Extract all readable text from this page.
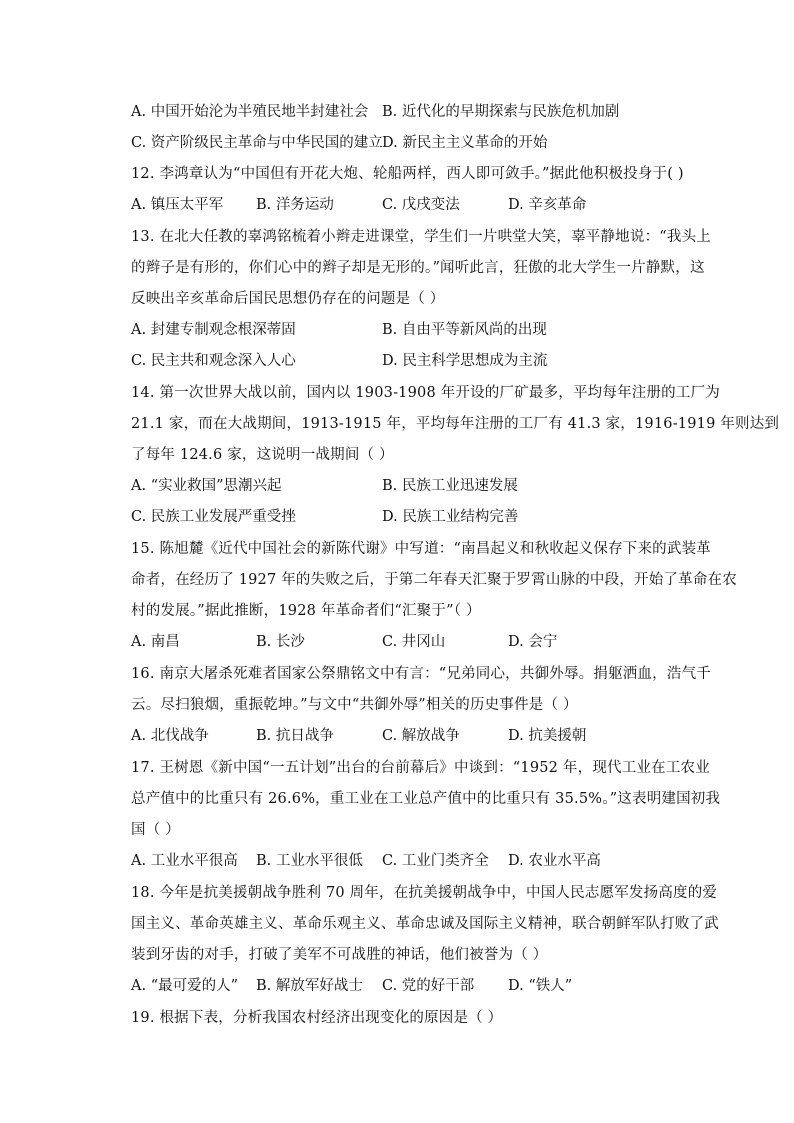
A. 中国开始沦为半殖民地半封建社会 B. 近代化的早期探索与民族危机加剧
C. 资产阶级民主革命与中华民国的建立 D. 新民主主义革命的开始
12. 李鸿章认为“中国但有开花大炮、轮船两样，西人即可敛手。”据此他积极投身于( )
A. 镇压太平军 B. 洋务运动	C. 戊戌变法	D. 辛亥革命
13. 在北大任教的辜鸿铭梳着小辫走进课堂，学生们一片哄堂大笑，辜平静地说：“我头上
的辫子是有形的，你们心中的辫子却是无形的。”闻听此言，狂傲的北大学生一片静默，这
反映出辛亥革命后国民思想仍存在的问题是（ ）
A. 封建专制观念根深蒂固	B. 自由平等新风尚的出现
C. 民主共和观念深入人心	D. 民主科学思想成为主流
14. 第一次世界大战以前，国内以 1903-1908 年开设的厂矿最多，平均每年注册的工厂为
21.1 家，而在大战期间，1913-1915 年，平均每年注册的工厂有 41.3 家，1916-1919 年则达到
了每年 124.6 家，这说明一战期间（ ）
A. “实业救国”思潮兴起	B. 民族工业迅速发展
C. 民族工业发展严重受挫	D. 民族工业结构完善
15. 陈旭麓《近代中国社会的新陈代谢》中写道：“南昌起义和秋收起义保存下来的武装革
命者，在经历了 1927 年的失败之后，于第二年春天汇聚于罗霄山脉的中段，开始了革命在农
村的发展。”据此推断，1928 年革命者们“汇聚于”（ ）
A. 南昌	B. 长沙	C. 井冈山	D. 会宁
16. 南京大屠杀死难者国家公祭鼎铭文中有言：“兄弟同心，共御外辱。捐躯洒血，浩气千
云。尽扫狼烟，重振乾坤。”与文中“共御外辱”相关的历史事件是（ ）
A. 北伐战争	B. 抗日战争	C. 解放战争	D. 抗美援朝
17. 王树恩《新中国“一五计划”出台的台前幕后》中谈到：“1952 年，现代工业在工农业
总产值中的比重只有 26.6%，重工业在工业总产值中的比重只有 35.5%。”这表明建国初我
国（ ）
A. 工业水平很高 B. 工业水平很低 C. 工业门类齐全 D. 农业水平高
18. 今年是抗美援朝战争胜利 70 周年，在抗美援朝战争中，中国人民志愿军发扬高度的爱
国主义、革命英雄主义、革命乐观主义、革命忠诚及国际主义精神，联合朝鲜军队打败了武
装到牙齿的对手，打破了美军不可战胜的神话，他们被誉为（ ）
A. “最可爱的人” B. 解放军好战士 C. 党的好干部 D. “铁人”
19. 根据下表，分析我国农村经济出现变化的原因是（ ）
